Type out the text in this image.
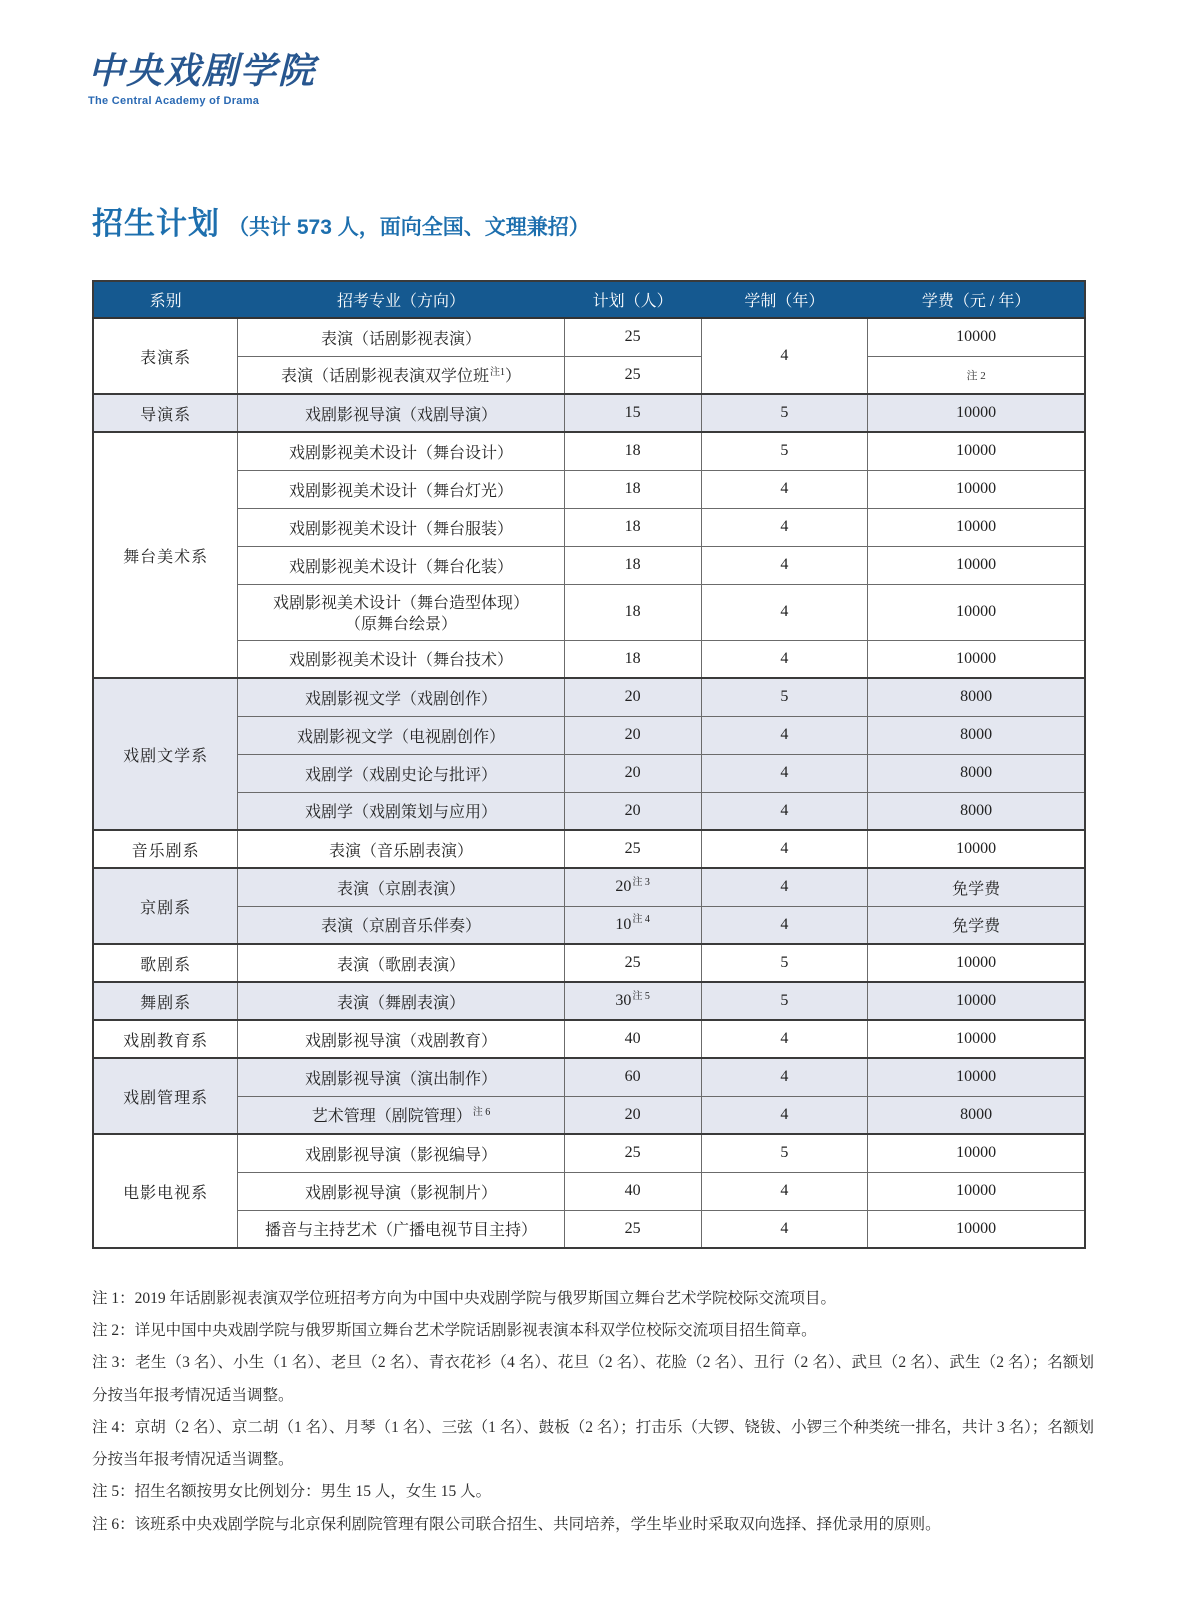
中央戏剧学院
The Central Academy of Drama
招生计划 （共计 573 人，面向全国、文理兼招）
系别	招考专业（方向）	计划（人）	学制（年）	学费（元 / 年）
表演系	表演（话剧影视表演）	25	4	10000

	表演（话剧影视表演双学位班$^{注1}$）	25		注 2
导演系	戏剧影视导演（戏剧导演）	15	5	10000
舞台美术系	戏剧影视美术设计（舞台设计）	18	5	10000

	戏剧影视美术设计（舞台灯光）	18	4	10000

	戏剧影视美术设计（舞台服装）	18	4	10000

	戏剧影视美术设计（舞台化装）	18	4	10000

	戏剧影视美术设计（舞台造型体现）
（原舞台绘景）	18	4	10000

	戏剧影视美术设计（舞台技术）	18	4	10000
戏剧文学系	戏剧影视文学（戏剧创作）	20	5	8000

	戏剧影视文学（电视剧创作）	20	4	8000

	戏剧学（戏剧史论与批评）	20	4	8000

	戏剧学（戏剧策划与应用）	20	4	8000
音乐剧系	表演（音乐剧表演）	25	4	10000
京剧系	表演（京剧表演）	20$^{注 3}$	4	免学费

	表演（京剧音乐伴奏）	10$^{注 4}$	4	免学费
歌剧系	表演（歌剧表演）	25	5	10000
舞剧系	表演（舞剧表演）	30$^{注 5}$	5	10000
戏剧教育系	戏剧影视导演（戏剧教育）	40	4	10000
戏剧管理系	戏剧影视导演（演出制作）	60	4	10000

	艺术管理（剧院管理）$^{注 6}$	20	4	8000
电影电视系	戏剧影视导演（影视编导）	25	5	10000

	戏剧影视导演（影视制片）	40	4	10000

	播音与主持艺术（广播电视节目主持）	25	4	10000

注 1：2019 年话剧影视表演双学位班招考方向为中国中央戏剧学院与俄罗斯国立舞台艺术学院校际交流项目。

注 2：详见中国中央戏剧学院与俄罗斯国立舞台艺术学院话剧影视表演本科双学位校际交流项目招生简章。

注 3：老生（3 名）、小生（1 名）、老旦（2 名）、青衣花衫（4 名）、花旦（2 名）、花脸（2 名）、丑行（2 名）、武旦（2 名）、武生（2 名）；名额划分按当年报考情况适当调整。

注 4：京胡（2 名）、京二胡（1 名）、月琴（1 名）、三弦（1 名）、鼓板（2 名）；打击乐（大锣、铙钹、小锣三个种类统一排名，共计 3 名）；名额划分按当年报考情况适当调整。

注 5：招生名额按男女比例划分：男生 15 人，女生 15 人。

注 6：该班系中央戏剧学院与北京保利剧院管理有限公司联合招生、共同培养，学生毕业时采取双向选择、择优录用的原则。
